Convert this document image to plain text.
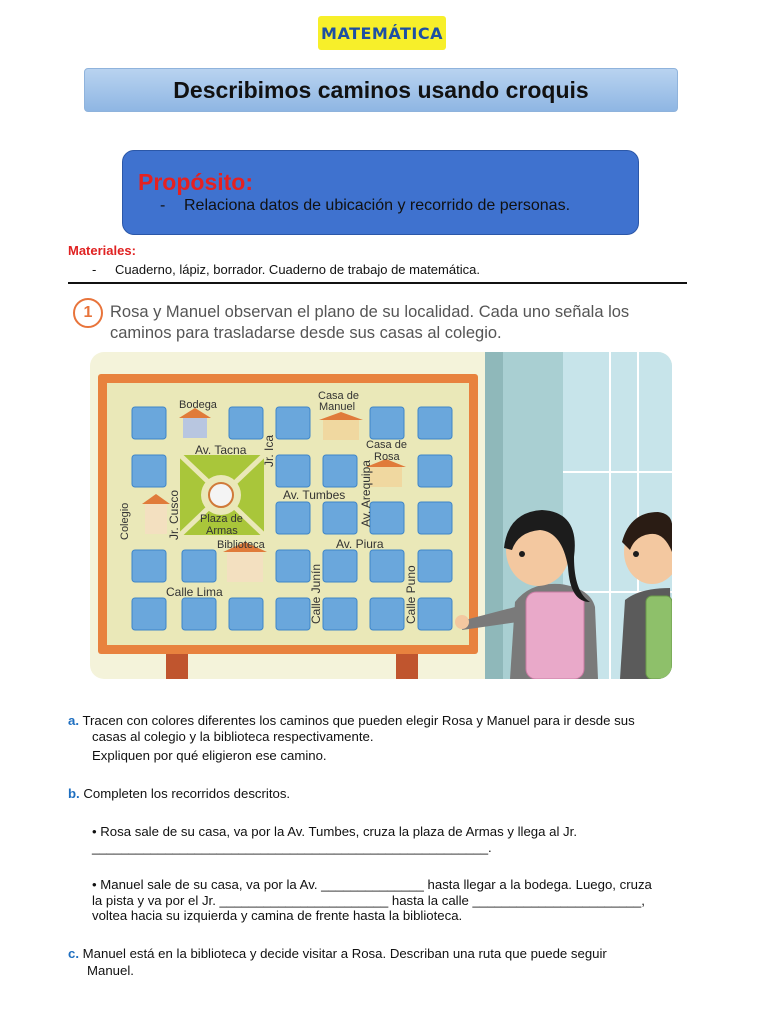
MATEMÁTICA
Describimos caminos usando croquis
Propósito:
- Relaciona datos de ubicación y recorrido de personas.
Materiales:
- Cuaderno, lápiz, borrador. Cuaderno de trabajo de matemática.
1	Rosa y Manuel observan el plano de su localidad. Cada uno señala los caminos para trasladarse desde sus casas al colegio.
Bodega
Casa de
Manuel
Casa de
Rosa
Av. Tacna Jr. Ica
Av. Arequipa
Av. Tumbes
Colegio	Jr. Cusco Plaza de
Armas
Biblioteca	Av. Piura
Calle Lima	Calle Junín	Calle Puno
a. Tracen con colores diferentes los caminos que pueden elegir Rosa y Manuel para ir desde sus
casas al colegio y la biblioteca respectivamente.
Expliquen por qué eligieron ese camino.
b. Completen los recorridos descritos.
• Rosa sale de su casa, va por la Av. Tumbes, cruza la plaza de Armas y llega al Jr.
______________________________________________________.
• Manuel sale de su casa, va por la Av. ______________ hasta llegar a la bodega. Luego, cruza
la pista y va por el Jr. _______________________ hasta la calle _______________________,
voltea hacia su izquierda y camina de frente hasta la biblioteca.
c. Manuel está en la biblioteca y decide visitar a Rosa. Describan una ruta que puede seguir
Manuel.
